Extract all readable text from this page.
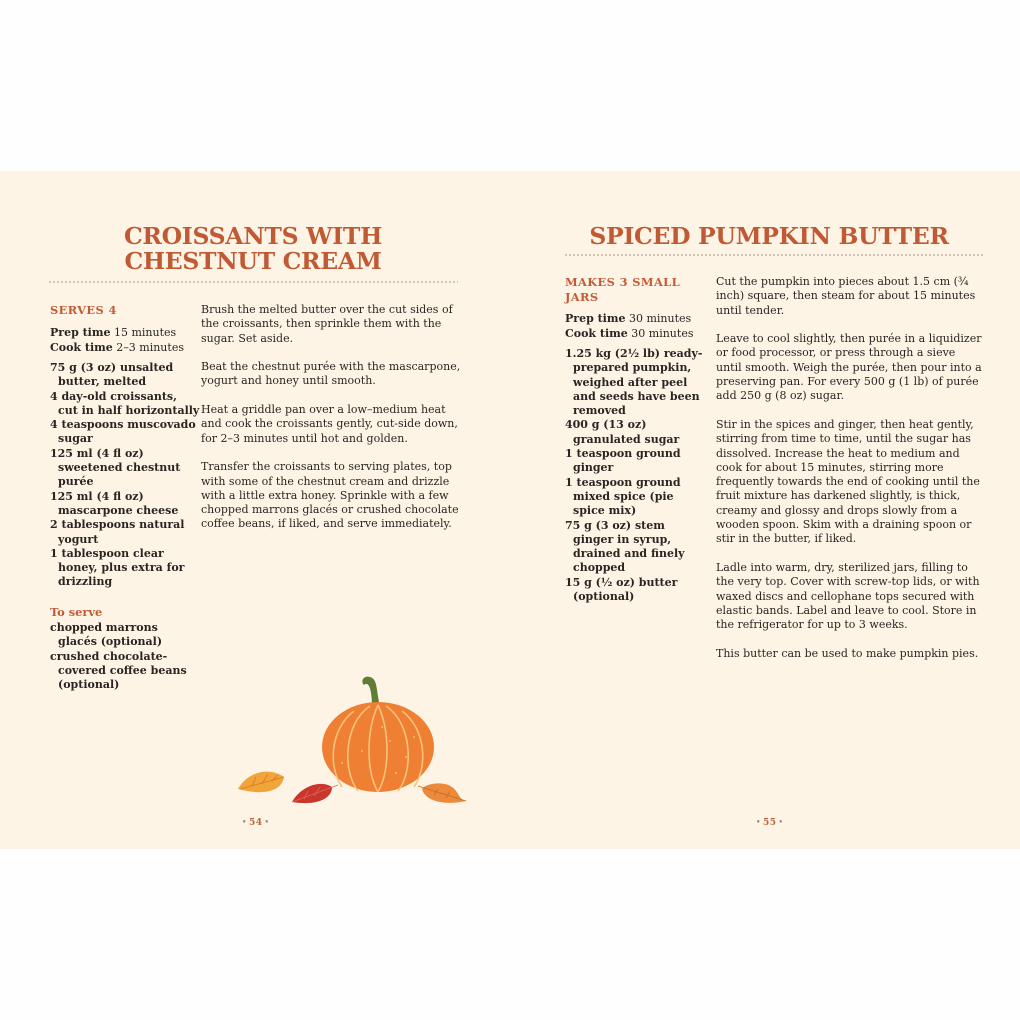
CROISSANTS WITH
CHESTNUT CREAM
SERVES 4
Prep time 15 minutes
Cook time 2–3 minutes
75 g (3 oz) unsalted butter, melted
4 day-old croissants, cut in half horizontally
4 teaspoons muscovado sugar
125 ml (4 fl oz) sweetened chestnut purée
125 ml (4 fl oz) mascarpone cheese
2 tablespoons natural yogurt
1 tablespoon clear honey, plus extra for drizzling
To serve
chopped marrons glacés (optional)
crushed chocolate-covered coffee beans (optional)

Brush the melted butter over the cut sides of the croissants, then sprinkle them with the sugar. Set aside.

Beat the chestnut purée with the mascarpone, yogurt and honey until smooth.

Heat a griddle pan over a low–medium heat and cook the croissants gently, cut-side down, for 2–3 minutes until hot and golden.

Transfer the croissants to serving plates, top with some of the chestnut cream and drizzle with a little extra honey. Sprinkle with a few chopped marrons glacés or crushed chocolate coffee beans, if liked, and serve immediately.

• 54 •
SPICED PUMPKIN BUTTER
MAKES 3 SMALL JARS
Prep time 30 minutes
Cook time 30 minutes
1.25 kg (2½ lb) ready-prepared pumpkin, weighed after peel and seeds have been removed
400 g (13 oz) granulated sugar
1 teaspoon ground ginger
1 teaspoon ground mixed spice (pie spice mix)
75 g (3 oz) stem ginger in syrup, drained and finely chopped
15 g (½ oz) butter (optional)

Cut the pumpkin into pieces about 1.5 cm (¾ inch) square, then steam for about 15 minutes until tender.

Leave to cool slightly, then purée in a liquidizer or food processor, or press through a sieve until smooth. Weigh the purée, then pour into a preserving pan. For every 500 g (1 lb) of purée add 250 g (8 oz) sugar.

Stir in the spices and ginger, then heat gently, stirring from time to time, until the sugar has dissolved. Increase the heat to medium and cook for about 15 minutes, stirring more frequently towards the end of cooking until the fruit mixture has darkened slightly, is thick, creamy and glossy and drops slowly from a wooden spoon. Skim with a draining spoon or stir in the butter, if liked.

Ladle into warm, dry, sterilized jars, filling to the very top. Cover with screw-top lids, or with waxed discs and cellophane tops secured with elastic bands. Label and leave to cool. Store in the refrigerator for up to 3 weeks.

This butter can be used to make pumpkin pies.

• 55 •
